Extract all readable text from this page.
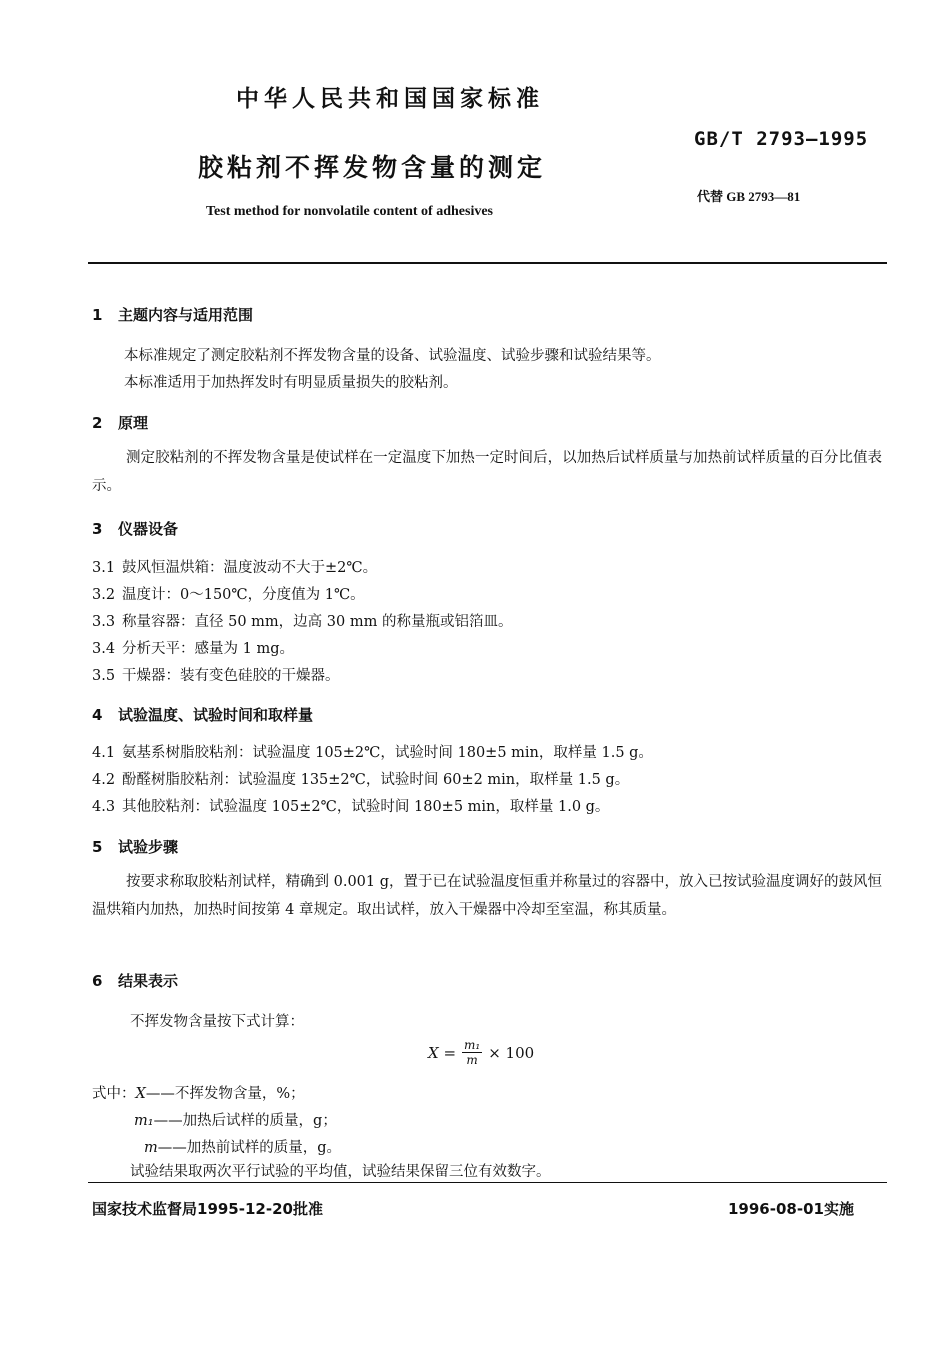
中华人民共和国国家标准
GB/T 2793—1995
胶粘剂不挥发物含量的测定
代替 GB 2793—81
Test method for nonvolatile content of adhesives
1 主题内容与适用范围
本标准规定了测定胶粘剂不挥发物含量的设备、试验温度、试验步骤和试验结果等。
本标准适用于加热挥发时有明显质量损失的胶粘剂。
2 原理
测定胶粘剂的不挥发物含量是使试样在一定温度下加热一定时间后，以加热后试样质量与加热前试样质量的百分比值表示。
3 仪器设备
3.1 鼓风恒温烘箱：温度波动不大于±2℃。
3.2 温度计：0～150℃，分度值为 1℃。
3.3 称量容器：直径 50 mm，边高 30 mm 的称量瓶或铝箔皿。
3.4 分析天平：感量为 1 mg。
3.5 干燥器：装有变色硅胶的干燥器。
4 试验温度、试验时间和取样量
4.1 氨基系树脂胶粘剂：试验温度 105±2℃，试验时间 180±5 min，取样量 1.5 g。
4.2 酚醛树脂胶粘剂：试验温度 135±2℃，试验时间 60±2 min，取样量 1.5 g。
4.3 其他胶粘剂：试验温度 105±2℃，试验时间 180±5 min，取样量 1.0 g。
5 试验步骤
按要求称取胶粘剂试样，精确到 0.001 g，置于已在试验温度恒重并称量过的容器中，放入已按试验温度调好的鼓风恒温烘箱内加热，加热时间按第 4 章规定。取出试样，放入干燥器中冷却至室温，称其质量。
6 结果表示
不挥发物含量按下式计算：
$X = \frac{\text{m₁}}{m} \times 100$
式中：X——不挥发物含量，%；
m₁——加热后试样的质量，g；
m——加热前试样的质量，g。
试验结果取两次平行试验的平均值，试验结果保留三位有效数字。
国家技术监督局1995-12-20批准	1996-08-01实施
